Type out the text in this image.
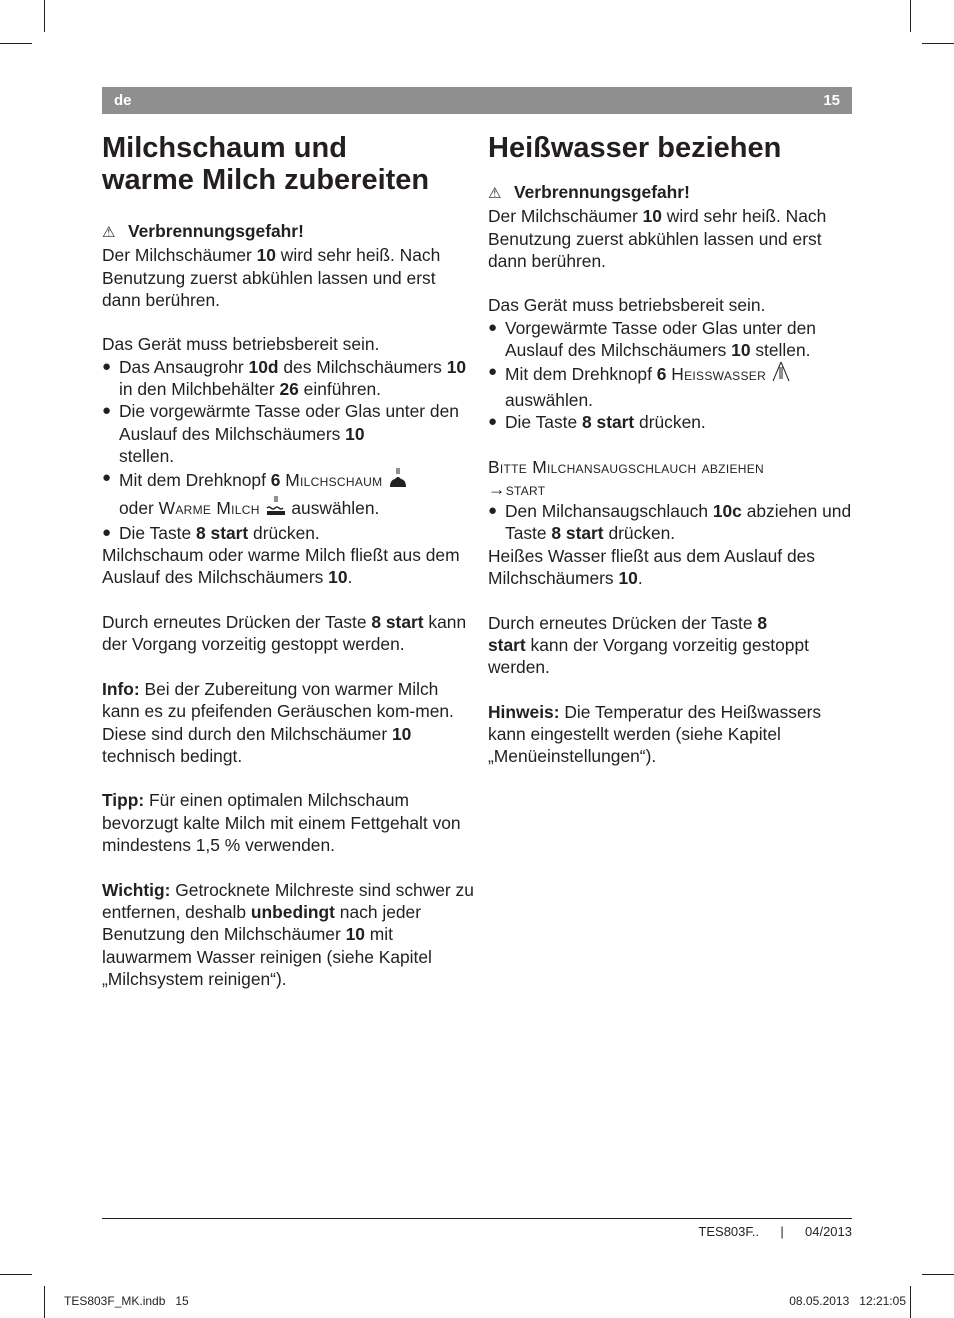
de	15
Milchschaum und
warme Milch zubereiten

⚠ Verbrennungsgefahr!

Der Milchschäumer 10 wird sehr heiß. Nach Benutzung zuerst abkühlen lassen und erst dann berühren.

Das Gerät muss betriebsbereit sein.

● Das Ansaugrohr 10d des Milchschäumers 10 in den Milchbehälter 26 einführen.
● Die vorgewärmte Tasse oder Glas unter den Auslauf des Milchschäumers 10
stellen.
● Mit dem Drehknopf 6 Milchschaum
oder Warme Milch  auswählen.
● Die Taste 8 start drücken.

Milchschaum oder warme Milch fließt aus dem Auslauf des Milchschäumers 10.

Durch erneutes Drücken der Taste 8 start kann der Vorgang vorzeitig gestoppt werden.

Info: Bei der Zubereitung von warmer Milch kann es zu pfeifenden Geräuschen kom-men. Diese sind durch den Milchschäumer 10 technisch bedingt.

Tipp: Für einen optimalen Milchschaum bevorzugt kalte Milch mit einem Fettgehalt von mindestens 1,5 % verwenden.

Wichtig: Getrocknete Milchreste sind schwer zu entfernen, deshalb unbedingt nach jeder Benutzung den Milchschäumer 10 mit lauwarmem Wasser reinigen (siehe Kapitel „Milchsystem reinigen“).

Heißwasser beziehen

⚠ Verbrennungsgefahr!

Der Milchschäumer 10 wird sehr heiß. Nach Benutzung zuerst abkühlen lassen und erst dann berühren.

Das Gerät muss betriebsbereit sein.

● Vorgewärmte Tasse oder Glas unter den Auslauf des Milchschäumers 10 stellen.
● Mit dem Drehknopf 6 Heisswasser
auswählen.
● Die Taste 8 start drücken.

Bitte Milchansaugschlauch abziehen
→start

● Den Milchansaugschlauch 10c abziehen und Taste 8 start drücken.

Heißes Wasser fließt aus dem Auslauf des Milchschäumers 10.

Durch erneutes Drücken der Taste 8
start kann der Vorgang vorzeitig gestoppt werden.

Hinweis: Die Temperatur des Heißwassers kann eingestellt werden (siehe Kapitel „Menüeinstellungen“).

TES803F.. | 04/2013
TES803F_MK.indb   15	08.05.2013   12:21:05
